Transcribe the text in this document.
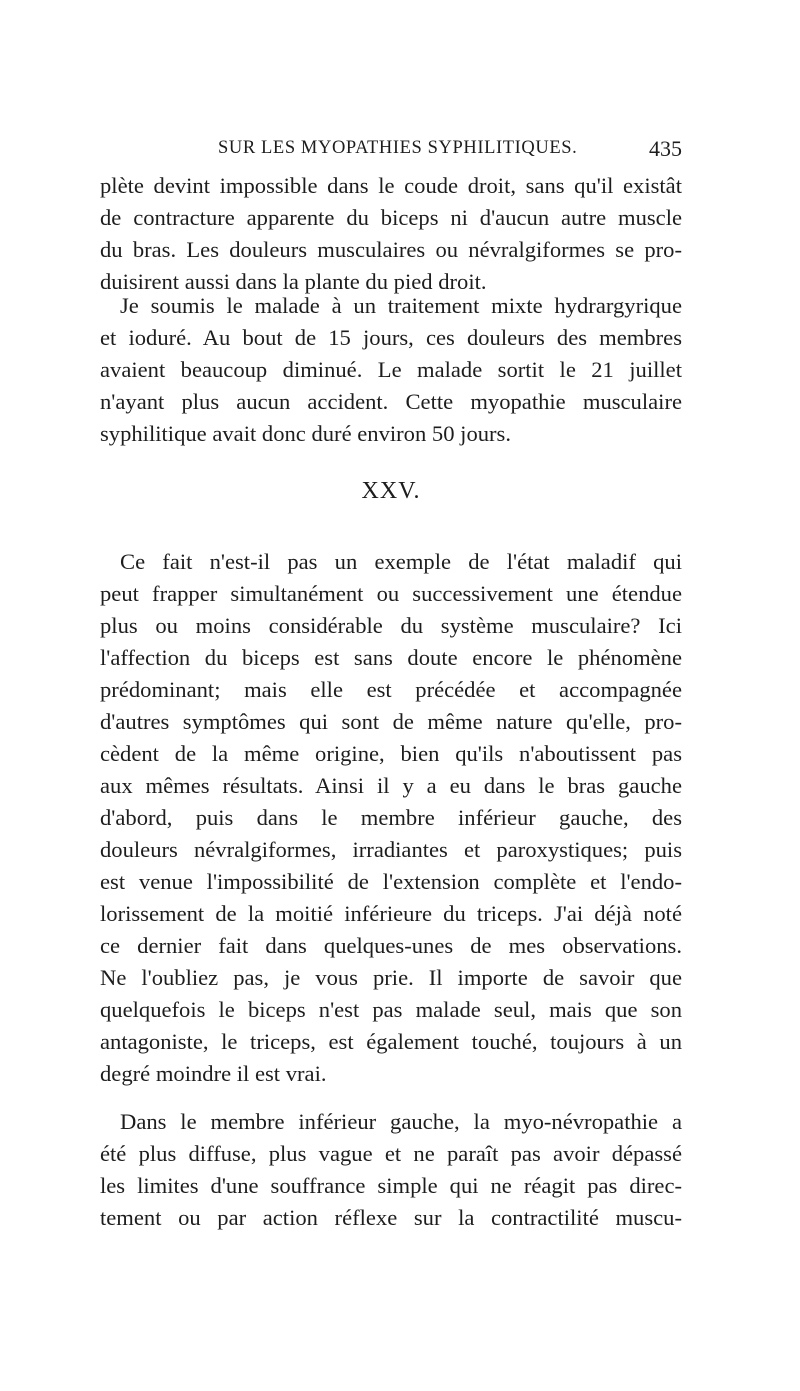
SUR LES MYOPATHIES SYPHILITIQUES.	435
plète devint impossible dans le coude droit, sans qu'il existât
de contracture apparente du biceps ni d'aucun autre muscle
du bras. Les douleurs musculaires ou névralgiformes se pro-
duisirent aussi dans la plante du pied droit.
Je soumis le malade à un traitement mixte hydrargyrique
et ioduré. Au bout de 15 jours, ces douleurs des membres
avaient beaucoup diminué. Le malade sortit le 21 juillet
n'ayant plus aucun accident. Cette myopathie musculaire
syphilitique avait donc duré environ 50 jours.
XXV.
Ce fait n'est-il pas un exemple de l'état maladif qui
peut frapper simultanément ou successivement une étendue
plus ou moins considérable du système musculaire? Ici
l'affection du biceps est sans doute encore le phénomène
prédominant; mais elle est précédée et accompagnée
d'autres symptômes qui sont de même nature qu'elle, pro-
cèdent de la même origine, bien qu'ils n'aboutissent pas
aux mêmes résultats. Ainsi il y a eu dans le bras gauche
d'abord, puis dans le membre inférieur gauche, des
douleurs névralgiformes, irradiantes et paroxystiques; puis
est venue l'impossibilité de l'extension complète et l'endo-
lorissement de la moitié inférieure du triceps. J'ai déjà noté
ce dernier fait dans quelques-unes de mes observations.
Ne l'oubliez pas, je vous prie. Il importe de savoir que
quelquefois le biceps n'est pas malade seul, mais que son
antagoniste, le triceps, est également touché, toujours à un
degré moindre il est vrai.
Dans le membre inférieur gauche, la myo-névropathie a
été plus diffuse, plus vague et ne paraît pas avoir dépassé
les limites d'une souffrance simple qui ne réagit pas direc-
tement ou par action réflexe sur la contractilité muscu-
